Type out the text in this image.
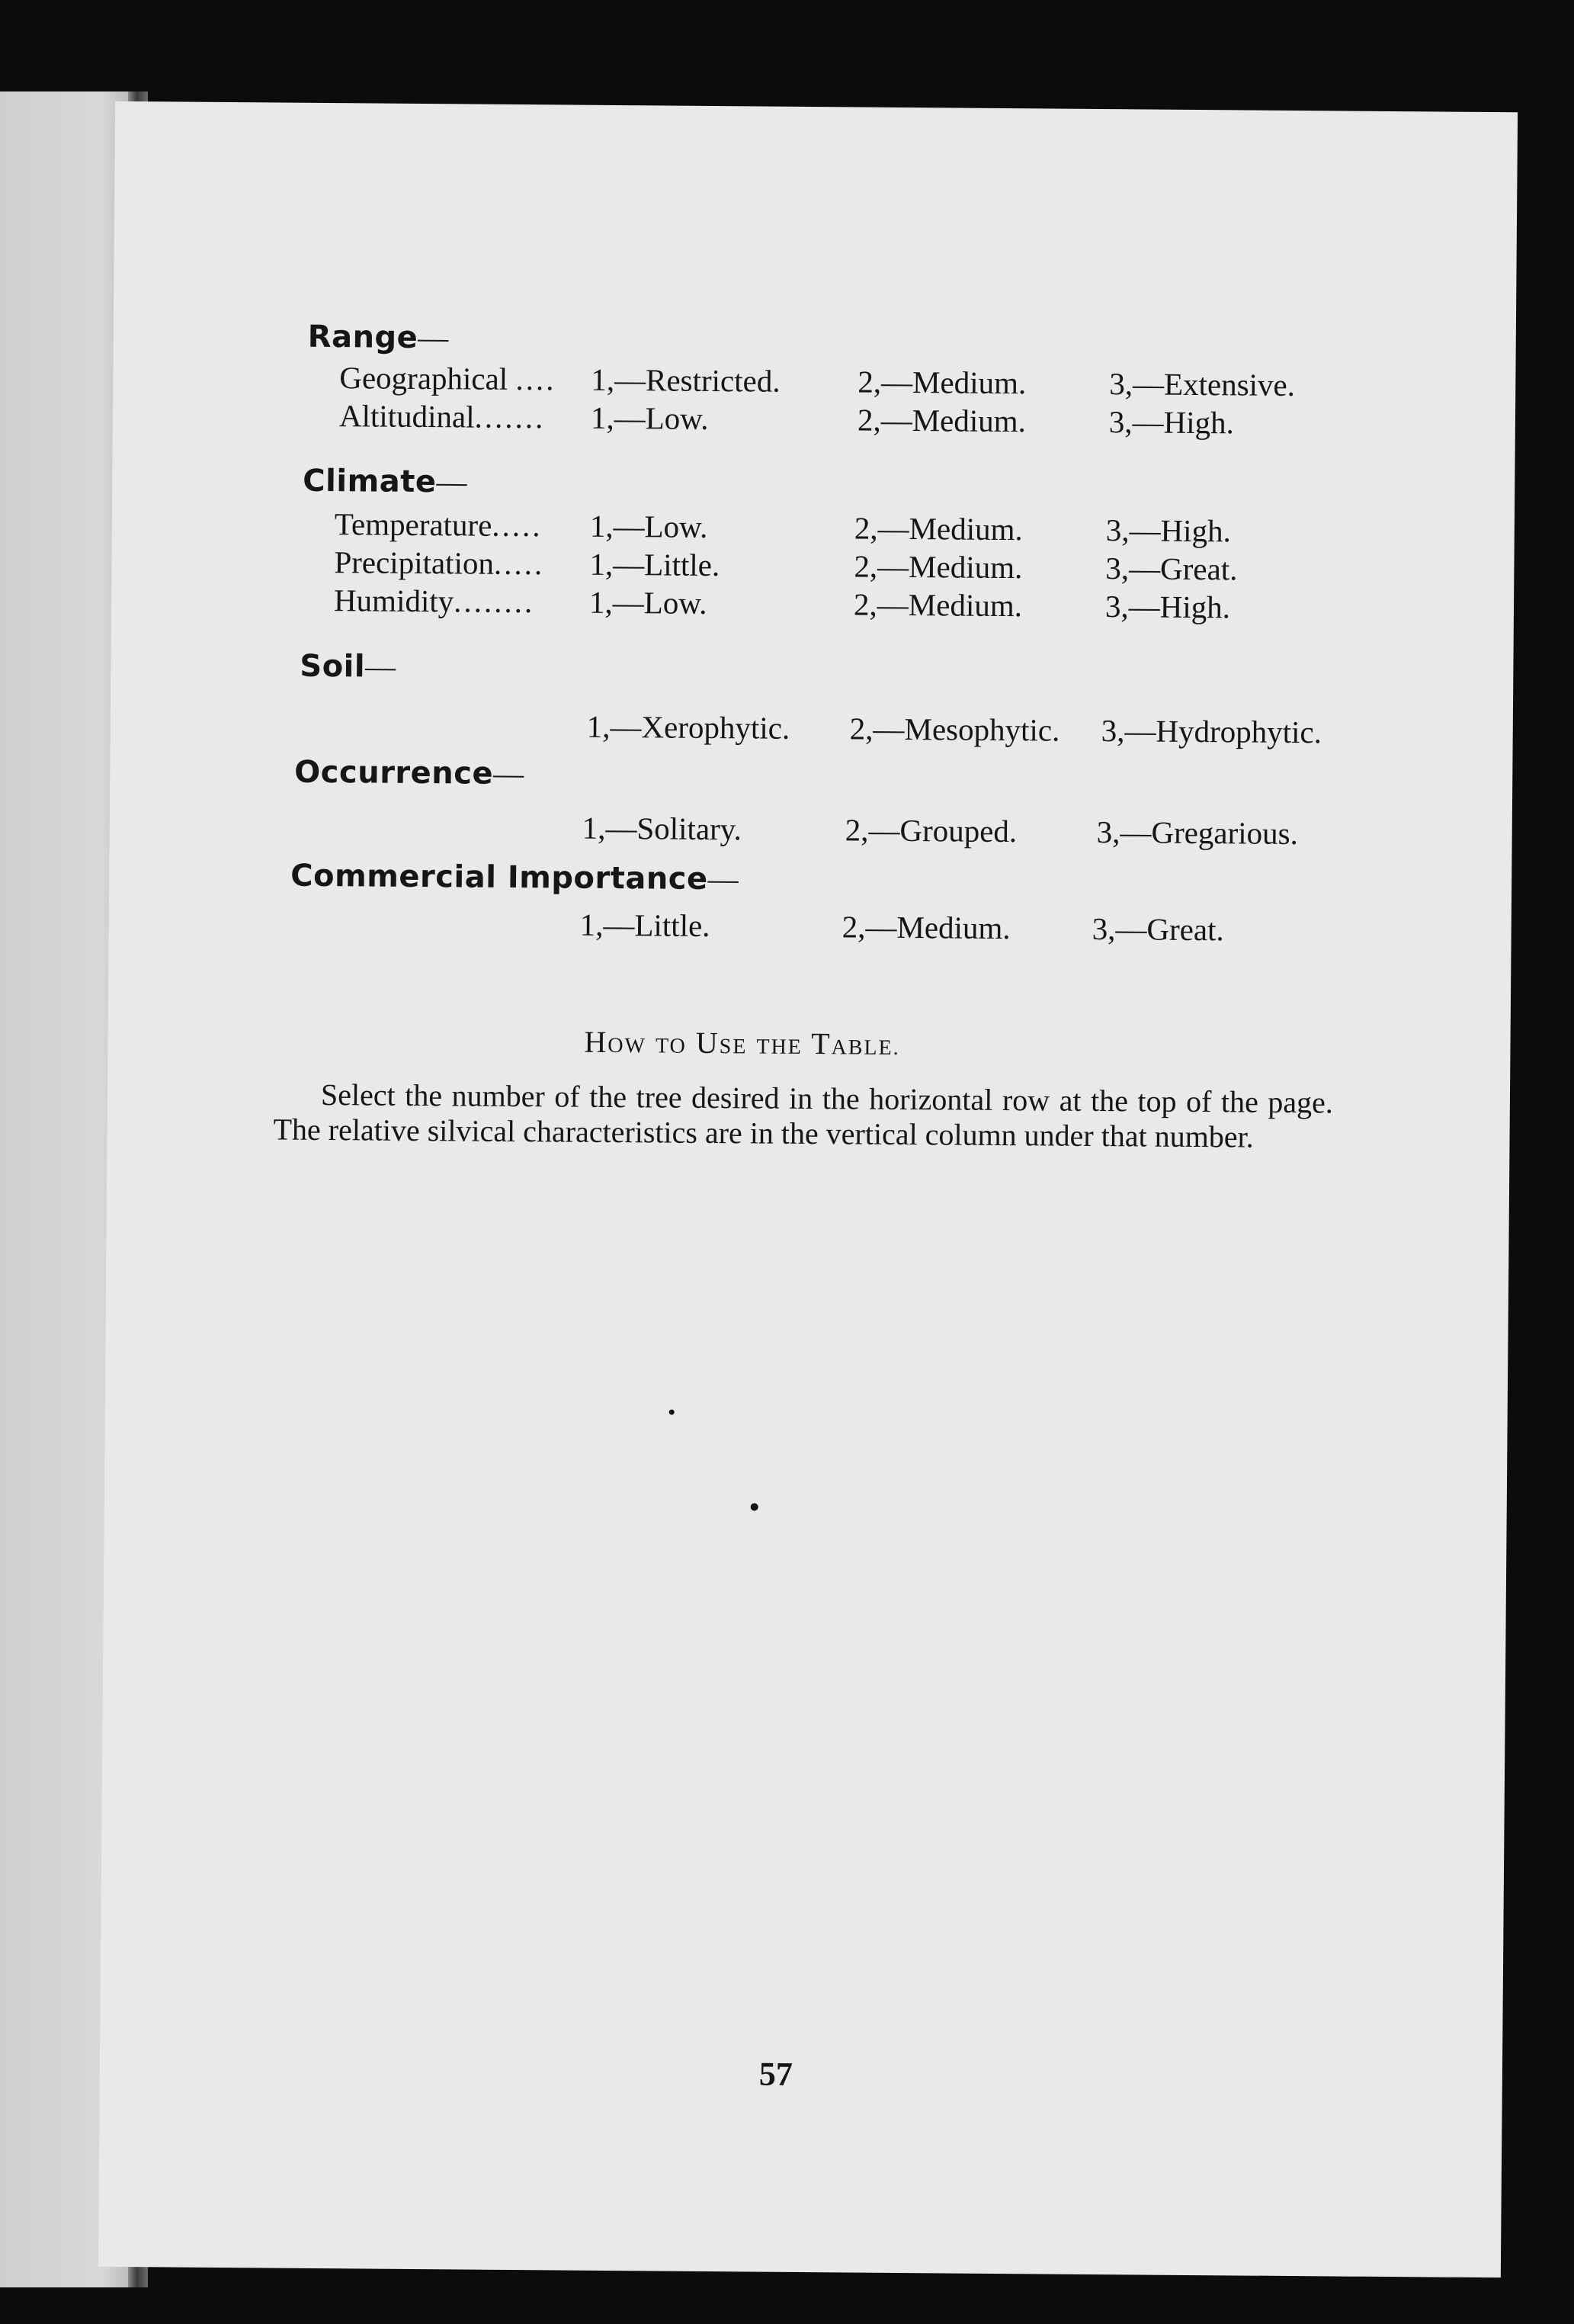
Range—
Geographical .... 1,—Restricted. 2,—Medium.	3,—Extensive.
Altitudinal....... 1,—Low.	2,—Medium.	3,—High.
Climate—
Temperature..... 1,—Low.	2,—Medium.	3,—High.
Precipitation..... 1,—Little.	2,—Medium.	3,—Great.
Humidity........ 1,—Low.	2,—Medium.	3,—High.
Soil—
1,—Xerophytic. 2,—Mesophytic. 3,—Hydrophytic.
Occurrence—
1,—Solitary.	2,—Grouped.	3,—Gregarious.
Commercial Importance—
1,—Little.	2,—Medium.	3,—Great.
HOW TO USE THE TABLE.
Select the number of the tree desired in the horizontal row at the top of the page. The relative silvical characteristics are in the vertical column under that number.
57
